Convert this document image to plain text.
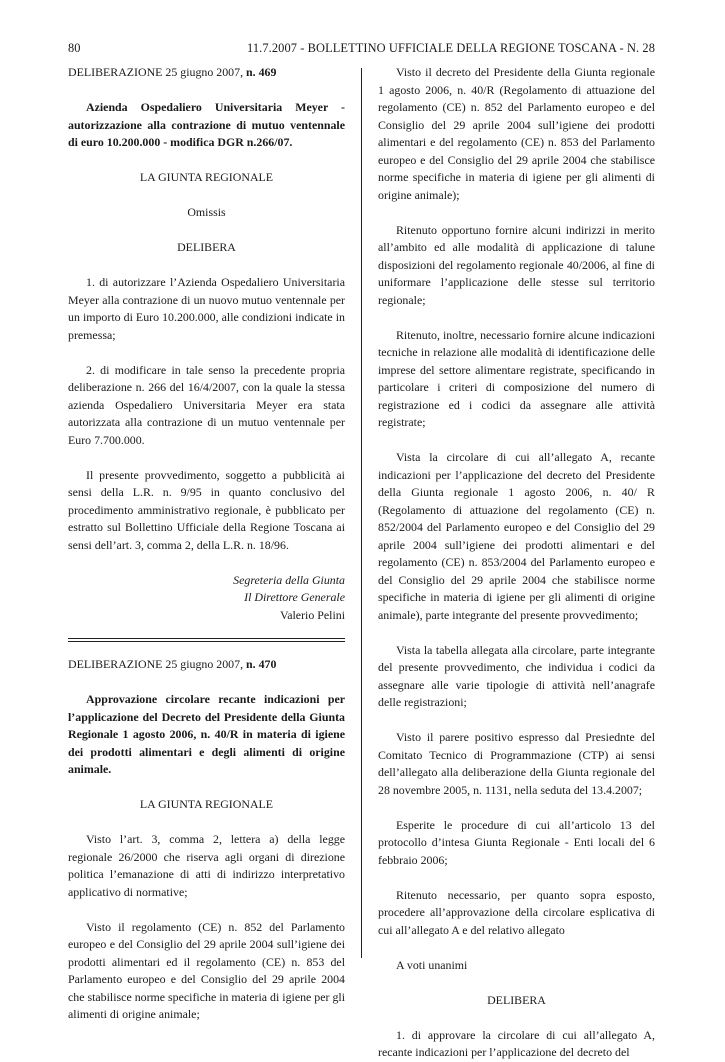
80	11.7.2007 - BOLLETTINO UFFICIALE DELLA REGIONE TOSCANA - N. 28
DELIBERAZIONE 25 giugno 2007, n. 469
Azienda Ospedaliero Universitaria Meyer - autorizzazione alla contrazione di mutuo ventennale di euro 10.200.000 - modifica DGR n.266/07.
LA GIUNTA REGIONALE
Omissis
DELIBERA

1. di autorizzare l’Azienda Ospedaliero Universitaria Meyer alla contrazione di un nuovo mutuo ventennale per un importo di Euro 10.200.000, alle condizioni indicate in premessa;

2. di modificare in tale senso la precedente propria deliberazione n. 266 del 16/4/2007, con la quale la stessa azienda Ospedaliero Universitaria Meyer era stata autorizzata alla contrazione di un mutuo ventennale per Euro 7.700.000.

Il presente provvedimento, soggetto a pubblicità ai sensi della L.R. n. 9/95 in quanto conclusivo del procedimento amministrativo regionale, è pubblicato per estratto sul Bollettino Ufficiale della Regione Toscana ai sensi dell’art. 3, comma 2, della L.R. n. 18/96.

Segreteria della Giunta
Il Direttore Generale
Valerio Pelini
DELIBERAZIONE 25 giugno 2007, n. 470
Approvazione circolare recante indicazioni per l’applicazione del Decreto del Presidente della Giunta Regionale 1 agosto 2006, n. 40/R in materia di igiene dei prodotti alimentari e degli alimenti di origine animale.
LA GIUNTA REGIONALE

Visto l’art. 3, comma 2, lettera a) della legge regionale 26/2000 che riserva agli organi di direzione politica l’emanazione di atti di indirizzo interpretativo applicativo di normative;

Visto il regolamento (CE) n. 852 del Parlamento europeo e del Consiglio del 29 aprile 2004 sull’igiene dei prodotti alimentari ed il regolamento (CE) n. 853 del Parlamento europeo e del Consiglio del 29 aprile 2004 che stabilisce norme specifiche in materia di igiene per gli alimenti di origine animale;

Visto il decreto del Presidente della Giunta regionale 1 agosto 2006, n. 40/R (Regolamento di attuazione del regolamento (CE) n. 852 del Parlamento europeo e del Consiglio del 29 aprile 2004 sull’igiene dei prodotti alimentari e del regolamento (CE) n. 853 del Parlamento europeo e del Consiglio del 29 aprile 2004 che stabilisce norme specifiche in materia di igiene per gli alimenti di origine animale);

Ritenuto opportuno fornire alcuni indirizzi in merito all’ambito ed alle modalità di applicazione di talune disposizioni del regolamento regionale 40/2006, al fine di uniformare l’applicazione delle stesse sul territorio regionale;

Ritenuto, inoltre, necessario fornire alcune indicazioni tecniche in relazione alle modalità di identificazione delle imprese del settore alimentare registrate, specificando in particolare i criteri di composizione del numero di registrazione ed i codici da assegnare alle attività registrate;

Vista la circolare di cui all’allegato A, recante indicazioni per l’applicazione del decreto del Presidente della Giunta regionale 1 agosto 2006, n. 40/ R (Regolamento di attuazione del regolamento (CE) n. 852/2004 del Parlamento europeo e del Consiglio del 29 aprile 2004 sull’igiene dei prodotti alimentari e del regolamento (CE) n. 853/2004 del Parlamento europeo e del Consiglio del 29 aprile 2004 che stabilisce norme specifiche in materia di igiene per gli alimenti di origine animale), parte integrante del presente provvedimento;

Vista la tabella allegata alla circolare, parte integrante del presente provvedimento, che individua i codici da assegnare alle varie tipologie di attività nell’anagrafe delle registrazioni;

Visto il parere positivo espresso dal Presiednte del Comitato Tecnico di Programmazione (CTP) ai sensi dell’allegato alla deliberazione della Giunta regionale del 28 novembre 2005, n. 1131, nella seduta del 13.4.2007;

Esperite le procedure di cui all’articolo 13 del protocollo d’intesa Giunta Regionale - Enti locali del 6 febbraio 2006;

Ritenuto necessario, per quanto sopra esposto, procedere all’approvazione della circolare esplicativa di cui all’allegato A e del relativo allegato

A voti unanimi

DELIBERA

1. di approvare la circolare di cui all’allegato A, recante indicazioni per l’applicazione del decreto del
